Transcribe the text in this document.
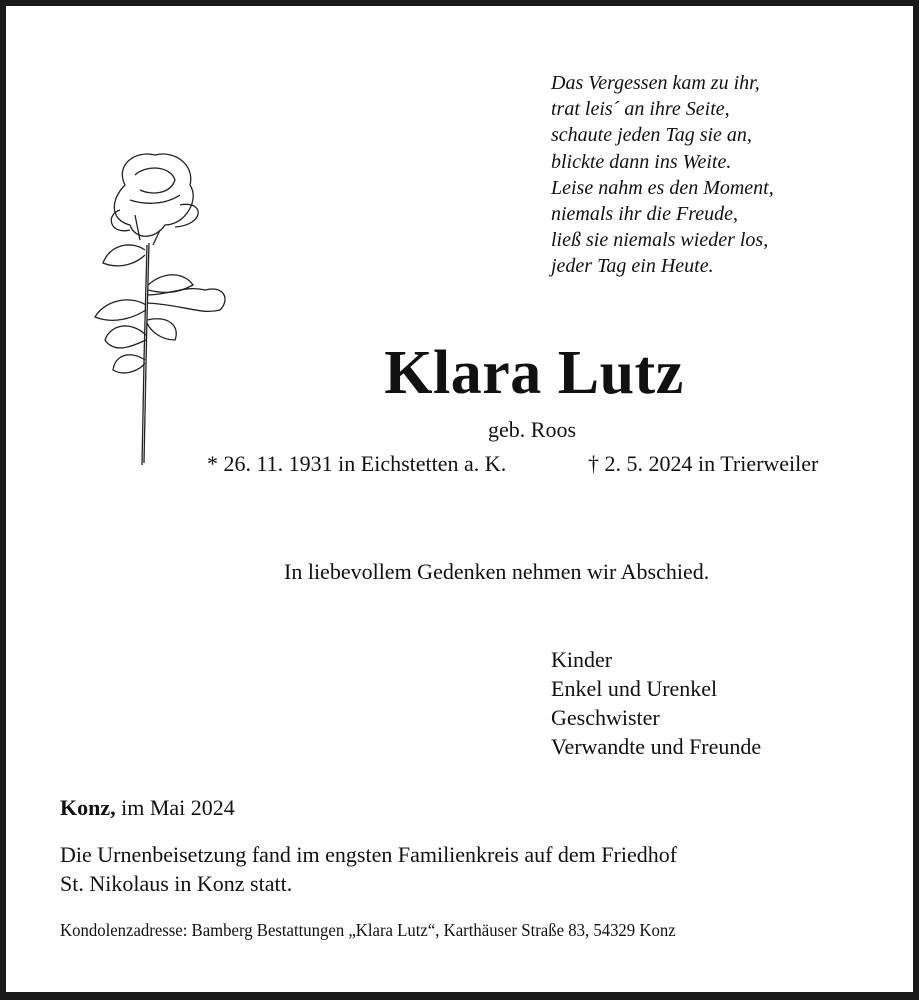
Das Vergessen kam zu ihr,
trat leis´ an ihre Seite,
schaute jeden Tag sie an,
blickte dann ins Weite.
Leise nahm es den Moment,
niemals ihr die Freude,
ließ sie niemals wieder los,
jeder Tag ein Heute.
Klara Lutz
geb. Roos
* 26. 11. 1931 in Eichstetten a. K.	† 2. 5. 2024 in Trierweiler
In liebevollem Gedenken nehmen wir Abschied.
Kinder
Enkel und Urenkel
Geschwister
Verwandte und Freunde
Konz, im Mai 2024
Die Urnenbeisetzung fand im engsten Familienkreis auf dem Friedhof
St. Nikolaus in Konz statt.
Kondolenzadresse: Bamberg Bestattungen „Klara Lutz“, Karthäuser Straße 83, 54329 Konz
